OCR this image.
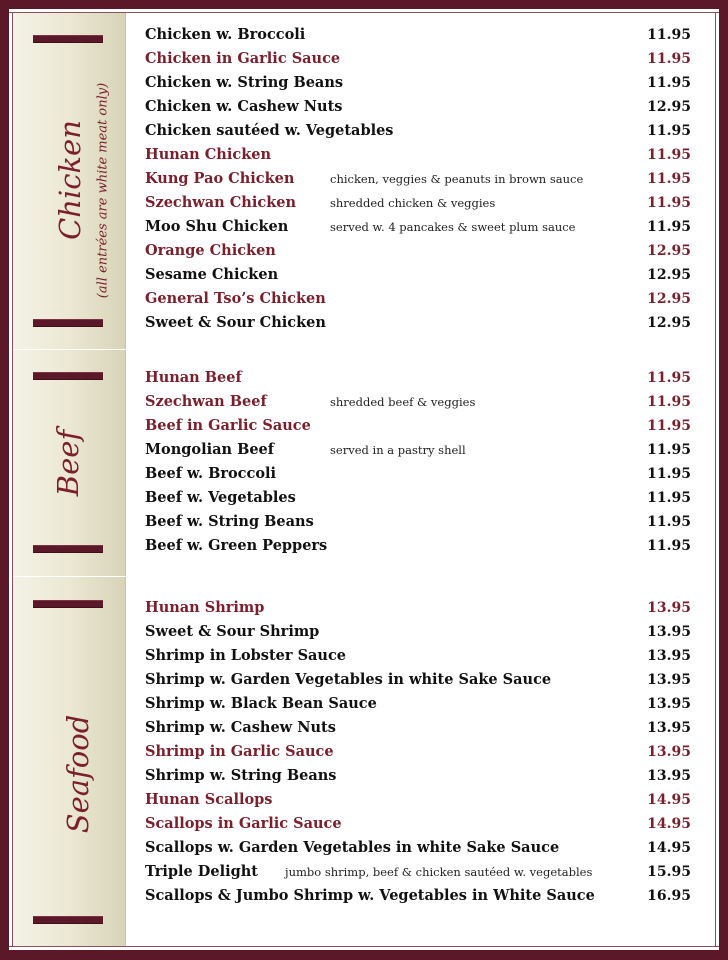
Chicken (all entrées are white meat only)
Beef
Seafood
Chicken w. Broccoli	11.95
Chicken in Garlic Sauce	11.95
Chicken w. String Beans	11.95
Chicken w. Cashew Nuts	12.95
Chicken sautéed w. Vegetables	11.95
Hunan Chicken	11.95
Kung Pao Chicken	chicken, veggies & peanuts in brown sauce	11.95
Szechwan Chicken	shredded chicken & veggies	11.95
Moo Shu Chicken	served w. 4 pancakes & sweet plum sauce	11.95
Orange Chicken	12.95
Sesame Chicken	12.95
General Tso’s Chicken	12.95
Sweet & Sour Chicken	12.95
Hunan Beef	11.95
Szechwan Beef	shredded beef & veggies	11.95
Beef in Garlic Sauce	11.95
Mongolian Beef	served in a pastry shell	11.95
Beef w. Broccoli	11.95
Beef w. Vegetables	11.95
Beef w. String Beans	11.95
Beef w. Green Peppers	11.95
Hunan Shrimp	13.95
Sweet & Sour Shrimp	13.95
Shrimp in Lobster Sauce	13.95
Shrimp w. Garden Vegetables in white Sake Sauce	13.95
Shrimp w. Black Bean Sauce	13.95
Shrimp w. Cashew Nuts	13.95
Shrimp in Garlic Sauce	13.95
Shrimp w. String Beans	13.95
Hunan Scallops	14.95
Scallops in Garlic Sauce	14.95
Scallops w. Garden Vegetables in white Sake Sauce	14.95
Triple Delight jumbo shrimp, beef & chicken sautéed w. vegetables	15.95
Scallops & Jumbo Shrimp w. Vegetables in White Sauce	16.95
